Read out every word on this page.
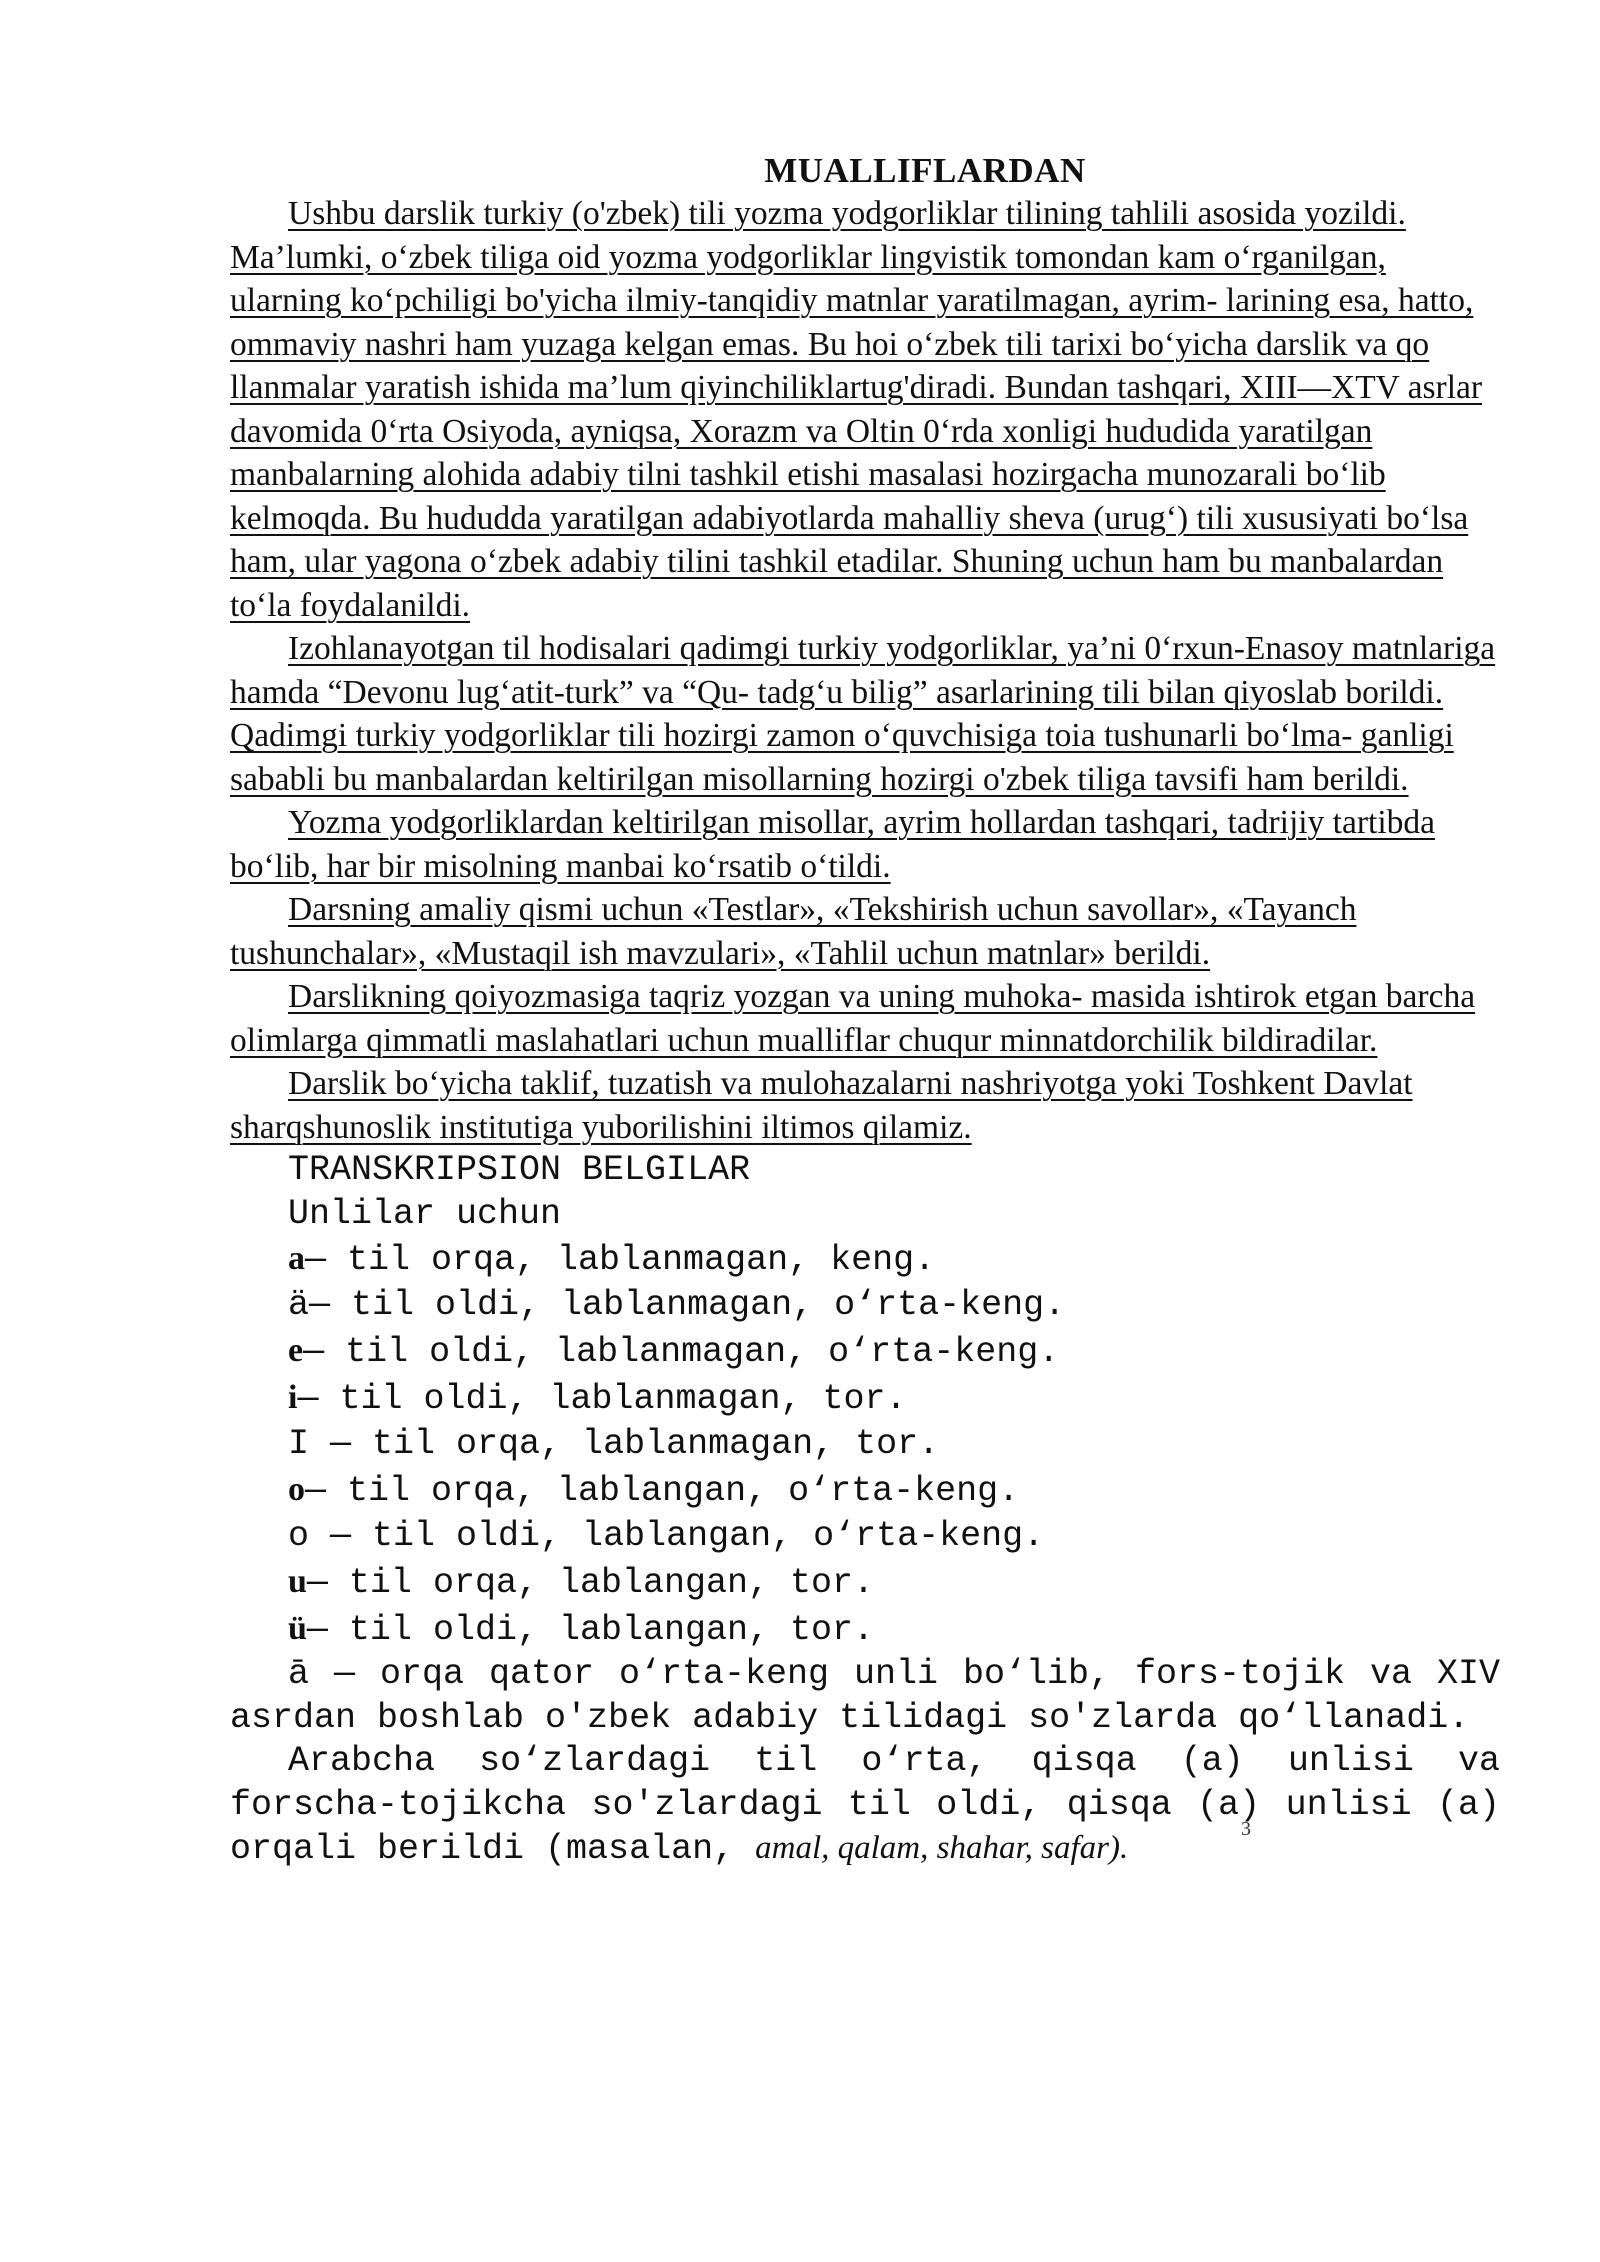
MUALLIFLARDAN

Ushbu darslik turkiy (o'zbek) tili yozma yodgorliklar tilining tahlili asosida yozildi. Ma’lumki, o‘zbek tiliga oid yozma yodgorliklar lingvistik tomondan kam o‘rganilgan, ularning ko‘pchiligi bo'yicha ilmiy-tanqidiy matnlar yaratilmagan, ayrim- larining esa, hatto, ommaviy nashri ham yuzaga kelgan emas. Bu hoi o‘zbek tili tarixi bo‘yicha darslik va qo llanmalar yaratish ishida ma’lum qiyinchiliklartug'diradi. Bundan tashqari, XIII—XTV asrlar davomida 0‘rta Osiyoda, ayniqsa, Xorazm va Oltin 0‘rda xonligi hududida yaratilgan manbalarning alohida adabiy tilni tashkil etishi masalasi hozirgacha munozarali bo‘lib kelmoqda. Bu hududda yaratilgan adabiyotlarda mahalliy sheva (urug‘) tili xususiyati bo‘lsa ham, ular yagona o‘zbek adabiy tilini tashkil etadilar. Shuning uchun ham bu manbalardan to‘la foydalanildi.

Izohlanayotgan til hodisalari qadimgi turkiy yodgorliklar, ya’ni 0‘rxun-Enasoy matnlariga hamda “Devonu lug‘atit-turk” va “Qu- tadg‘u bilig” asarlarining tili bilan qiyoslab borildi. Qadimgi turkiy yodgorliklar tili hozirgi zamon o‘quvchisiga toia tushunarli bo‘lma- ganligi sababli bu manbalardan keltirilgan misollarning hozirgi o'zbek tiliga tavsifi ham berildi.

Yozma yodgorliklardan keltirilgan misollar, ayrim hollardan tashqari, tadrijiy tartibda bo‘lib, har bir misolning manbai ko‘rsatib o‘tildi.

Darsning amaliy qismi uchun «Testlar», «Tekshirish uchun savollar», «Tayanch tushunchalar», «Mustaqil ish mavzulari», «Tahlil uchun matnlar» berildi.

Darslikning qoiyozmasiga taqriz yozgan va uning muhoka- masida ishtirok etgan barcha olimlarga qimmatli maslahatlari uchun mualliflar chuqur minnatdorchilik bildiradilar.

Darslik bo‘yicha taklif, tuzatish va mulohazalarni nashriyotga yoki Toshkent Davlat sharqshunoslik institutiga yuborilishini iltimos qilamiz.

TRANSKRIPSION BELGILAR

Unlilar uchun

a— til orqa, lablanmagan, keng.
ä— til oldi, lablanmagan, o‘rta-keng.
e— til oldi, lablanmagan, o‘rta-keng.
i— til oldi, lablanmagan, tor.
I — til orqa, lablanmagan, tor.
o— til orqa, lablangan, o‘rta-keng.
o — til oldi, lablangan, o‘rta-keng.
u— til orqa, lablangan, tor.
ü— til oldi, lablangan, tor.

ā — orqa qator o‘rta-keng unli bo‘lib, fors-tojik va XIV asrdan boshlab o'zbek adabiy tilidagi so'zlarda qo‘llanadi.

Arabcha so‘zlardagi til o‘rta, qisqa (a) unlisi va forscha-tojikcha so'zlardagi til oldi, qisqa (a) unlisi (a) orqali berildi (masalan, amal, qalam, shahar, safar).

3
